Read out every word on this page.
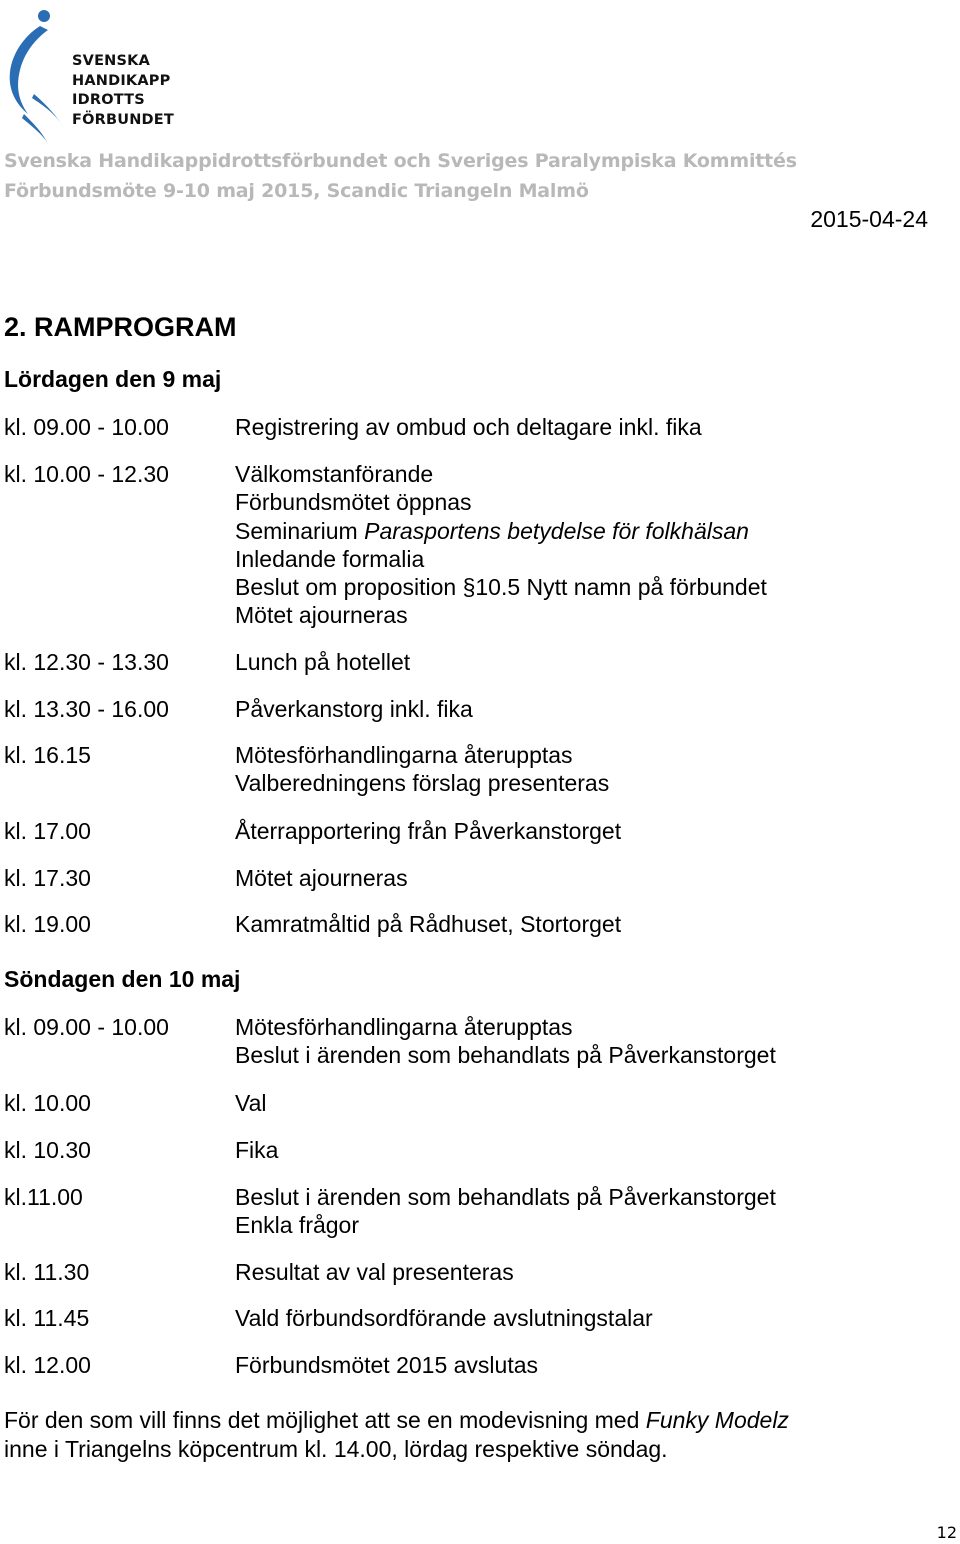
SVENSKA
HANDIKAPP
IDROTTS
FÖRBUNDET
Svenska Handikappidrottsförbundet och Sveriges Paralympiska Kommittés
Förbundsmöte 9-10 maj 2015, Scandic Triangeln Malmö
2015-04-24
2. RAMPROGRAM
Lördagen den 9 maj
kl. 09.00 - 10.00	Registrering av ombud och deltagare inkl. fika
kl. 10.00 - 12.30	Välkomstanförande
Förbundsmötet öppnas
Seminarium Parasportens betydelse för folkhälsan
Inledande formalia
Beslut om proposition §10.5 Nytt namn på förbundet
Mötet ajourneras
kl. 12.30 - 13.30	Lunch på hotellet
kl. 13.30 - 16.00	Påverkanstorg inkl. fika
kl. 16.15	Mötesförhandlingarna återupptas
Valberedningens förslag presenteras
kl. 17.00	Återrapportering från Påverkanstorget
kl. 17.30	Mötet ajourneras
kl. 19.00	Kamratmåltid på Rådhuset, Stortorget
Söndagen den 10 maj
kl. 09.00 - 10.00	Mötesförhandlingarna återupptas
Beslut i ärenden som behandlats på Påverkanstorget
kl. 10.00	Val
kl. 10.30	Fika
kl.11.00	Beslut i ärenden som behandlats på Påverkanstorget
Enkla frågor
kl. 11.30	Resultat av val presenteras
kl. 11.45	Vald förbundsordförande avslutningstalar
kl. 12.00	Förbundsmötet 2015 avslutas
För den som vill finns det möjlighet att se en modevisning med Funky Modelz
inne i Triangelns köpcentrum kl. 14.00, lördag respektive söndag.
12
